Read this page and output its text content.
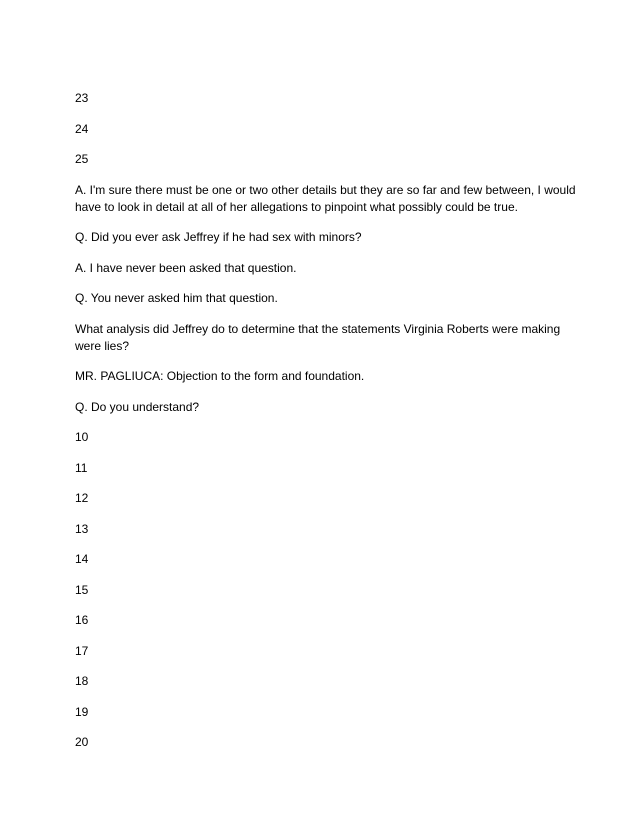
23
24
25
A. I'm sure there must be one or two other details but they are so far and few between, I would
have to look in detail at all of her allegations to pinpoint what possibly could be true.
Q. Did you ever ask Jeffrey if he had sex with minors?
A. I have never been asked that question.
Q. You never asked him that question.
What analysis did Jeffrey do to determine that the statements Virginia Roberts were making
were lies?
MR. PAGLIUCA: Objection to the form and foundation.
Q. Do you understand?
10
11
12
13
14
15
16
17
18
19
20
